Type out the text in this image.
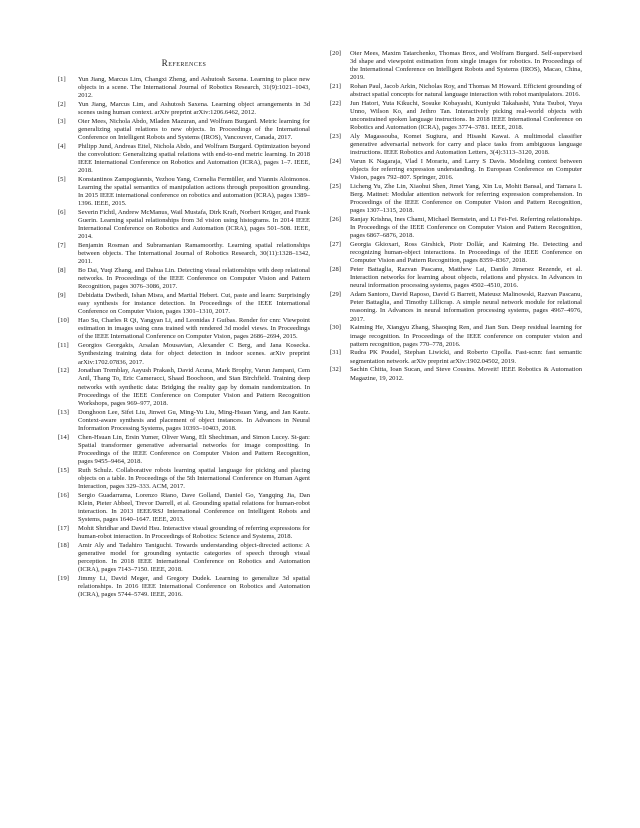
References
[1]	Yun Jiang, Marcus Lim, Changxi Zheng, and Ashutosh Saxena. Learning to place new objects in a scene. The International Journal of Robotics Research, 31(9):1021–1043, 2012.
[2]	Yun Jiang, Marcus Lim, and Ashutosh Saxena. Learning object arrangements in 3d scenes using human context. arXiv preprint arXiv:1206.6462, 2012.
[3]	Oier Mees, Nichola Abdo, Mladen Mazuran, and Wolfram Burgard. Metric learning for generalizing spatial relations to new objects. In Proceedings of the International Conference on Intelligent Robots and Systems (IROS), Vancouver, Canada, 2017.
[4]	Philipp Jund, Andreas Eitel, Nichola Abdo, and Wolfram Burgard. Optimization beyond the convolution: Generalizing spatial relations with end-to-end metric learning. In 2018 IEEE International Conference on Robotics and Automation (ICRA), pages 1–7. IEEE, 2018.
[5]	Konstantinos Zampogiannis, Yezhou Yang, Cornelia Fermüller, and Yiannis Aloimonos. Learning the spatial semantics of manipulation actions through preposition grounding. In 2015 IEEE international conference on robotics and automation (ICRA), pages 1389–1396. IEEE, 2015.
[6]	Severin Fichtl, Andrew McManus, Wail Mustafa, Dirk Kraft, Norbert Krüger, and Frank Guerin. Learning spatial relationships from 3d vision using histograms. In 2014 IEEE International Conference on Robotics and Automation (ICRA), pages 501–508. IEEE, 2014.
[7]	Benjamin Rosman and Subramanian Ramamoorthy. Learning spatial relationships between objects. The International Journal of Robotics Research, 30(11):1328–1342, 2011.
[8]	Bo Dai, Yuqi Zhang, and Dahua Lin. Detecting visual relationships with deep relational networks. In Proceedings of the IEEE Conference on Computer Vision and Pattern Recognition, pages 3076–3086, 2017.
[9]	Debidatta Dwibedi, Ishan Misra, and Martial Hebert. Cut, paste and learn: Surprisingly easy synthesis for instance detection. In Proceedings of the IEEE International Conference on Computer Vision, pages 1301–1310, 2017.
[10]	Hao Su, Charles R Qi, Yangyan Li, and Leonidas J Guibas. Render for cnn: Viewpoint estimation in images using cnns trained with rendered 3d model views. In Proceedings of the IEEE International Conference on Computer Vision, pages 2686–2694, 2015.
[11]	Georgios Georgakis, Arsalan Mousavian, Alexander C Berg, and Jana Kosecka. Synthesizing training data for object detection in indoor scenes. arXiv preprint arXiv:1702.07836, 2017.
[12]	Jonathan Tremblay, Aayush Prakash, David Acuna, Mark Brophy, Varun Jampani, Cem Anil, Thang To, Eric Cameracci, Shaad Boochoon, and Stan Birchfield. Training deep networks with synthetic data: Bridging the reality gap by domain randomization. In Proceedings of the IEEE Conference on Computer Vision and Pattern Recognition Workshops, pages 969–977, 2018.
[13]	Donghoon Lee, Sifei Liu, Jinwei Gu, Ming-Yu Liu, Ming-Hsuan Yang, and Jan Kautz. Context-aware synthesis and placement of object instances. In Advances in Neural Information Processing Systems, pages 10393–10403, 2018.
[14]	Chen-Hsuan Lin, Ersin Yumer, Oliver Wang, Eli Shechtman, and Simon Lucey. St-gan: Spatial transformer generative adversarial networks for image compositing. In Proceedings of the IEEE Conference on Computer Vision and Pattern Recognition, pages 9455–9464, 2018.
[15]	Ruth Schulz. Collaborative robots learning spatial language for picking and placing objects on a table. In Proceedings of the 5th International Conference on Human Agent Interaction, pages 329–333. ACM, 2017.
[16]	Sergio Guadarrama, Lorenzo Riano, Dave Golland, Daniel Go, Yangqing Jia, Dan Klein, Pieter Abbeel, Trevor Darrell, et al. Grounding spatial relations for human-robot interaction. In 2013 IEEE/RSJ International Conference on Intelligent Robots and Systems, pages 1640–1647. IEEE, 2013.
[17]	Mohit Shridhar and David Hsu. Interactive visual grounding of referring expressions for human-robot interaction. In Proceedings of Robotics: Science and Systems, 2018.
[18]	Amir Aly and Tadahiro Taniguchi. Towards understanding object-directed actions: A generative model for grounding syntactic categories of speech through visual perception. In 2018 IEEE International Conference on Robotics and Automation (ICRA), pages 7143–7150. IEEE, 2018.
[19]	Jimmy Li, David Meger, and Gregory Dudek. Learning to generalize 3d spatial relationships. In 2016 IEEE International Conference on Robotics and Automation (ICRA), pages 5744–5749. IEEE, 2016.
[20]	Oier Mees, Maxim Tatarchenko, Thomas Brox, and Wolfram Burgard. Self-supervised 3d shape and viewpoint estimation from single images for robotics. In Proceedings of the International Conference on Intelligent Robots and Systems (IROS), Macao, China, 2019.
[21]	Rohan Paul, Jacob Arkin, Nicholas Roy, and Thomas M Howard. Efficient grounding of abstract spatial concepts for natural language interaction with robot manipulators. 2016.
[22]	Jun Hatori, Yuta Kikuchi, Sosuke Kobayashi, Kuniyuki Takahashi, Yuta Tsuboi, Yuya Unno, Wilson Ko, and Jethro Tan. Interactively picking real-world objects with unconstrained spoken language instructions. In 2018 IEEE International Conference on Robotics and Automation (ICRA), pages 3774–3781. IEEE, 2018.
[23]	Aly Magassouba, Komei Sugiura, and Hisashi Kawai. A multimodal classifier generative adversarial network for carry and place tasks from ambiguous language instructions. IEEE Robotics and Automation Letters, 3(4):3113–3120, 2018.
[24]	Varun K Nagaraja, Vlad I Morariu, and Larry S Davis. Modeling context between objects for referring expression understanding. In European Conference on Computer Vision, pages 792–807. Springer, 2016.
[25]	Licheng Yu, Zhe Lin, Xiaohui Shen, Jimei Yang, Xin Lu, Mohit Bansal, and Tamara L Berg. Mattnet: Modular attention network for referring expression comprehension. In Proceedings of the IEEE Conference on Computer Vision and Pattern Recognition, pages 1307–1315, 2018.
[26]	Ranjay Krishna, Ines Chami, Michael Bernstein, and Li Fei-Fei. Referring relationships. In Proceedings of the IEEE Conference on Computer Vision and Pattern Recognition, pages 6867–6876, 2018.
[27]	Georgia Gkioxari, Ross Girshick, Piotr Dollár, and Kaiming He. Detecting and recognizing human-object interactions. In Proceedings of the IEEE Conference on Computer Vision and Pattern Recognition, pages 8359–8367, 2018.
[28]	Peter Battaglia, Razvan Pascanu, Matthew Lai, Danilo Jimenez Rezende, et al. Interaction networks for learning about objects, relations and physics. In Advances in neural information processing systems, pages 4502–4510, 2016.
[29]	Adam Santoro, David Raposo, David G Barrett, Mateusz Malinowski, Razvan Pascanu, Peter Battaglia, and Timothy Lillicrap. A simple neural network module for relational reasoning. In Advances in neural information processing systems, pages 4967–4976, 2017.
[30]	Kaiming He, Xiangyu Zhang, Shaoqing Ren, and Jian Sun. Deep residual learning for image recognition. In Proceedings of the IEEE conference on computer vision and pattern recognition, pages 770–778, 2016.
[31]	Rudra PK Poudel, Stephan Liwicki, and Roberto Cipolla. Fast-scnn: fast semantic segmentation network. arXiv preprint arXiv:1902.04502, 2019.
[32]	Sachin Chitta, Ioan Sucan, and Steve Cousins. Moveit! IEEE Robotics & Automation Magazine, 19, 2012.
